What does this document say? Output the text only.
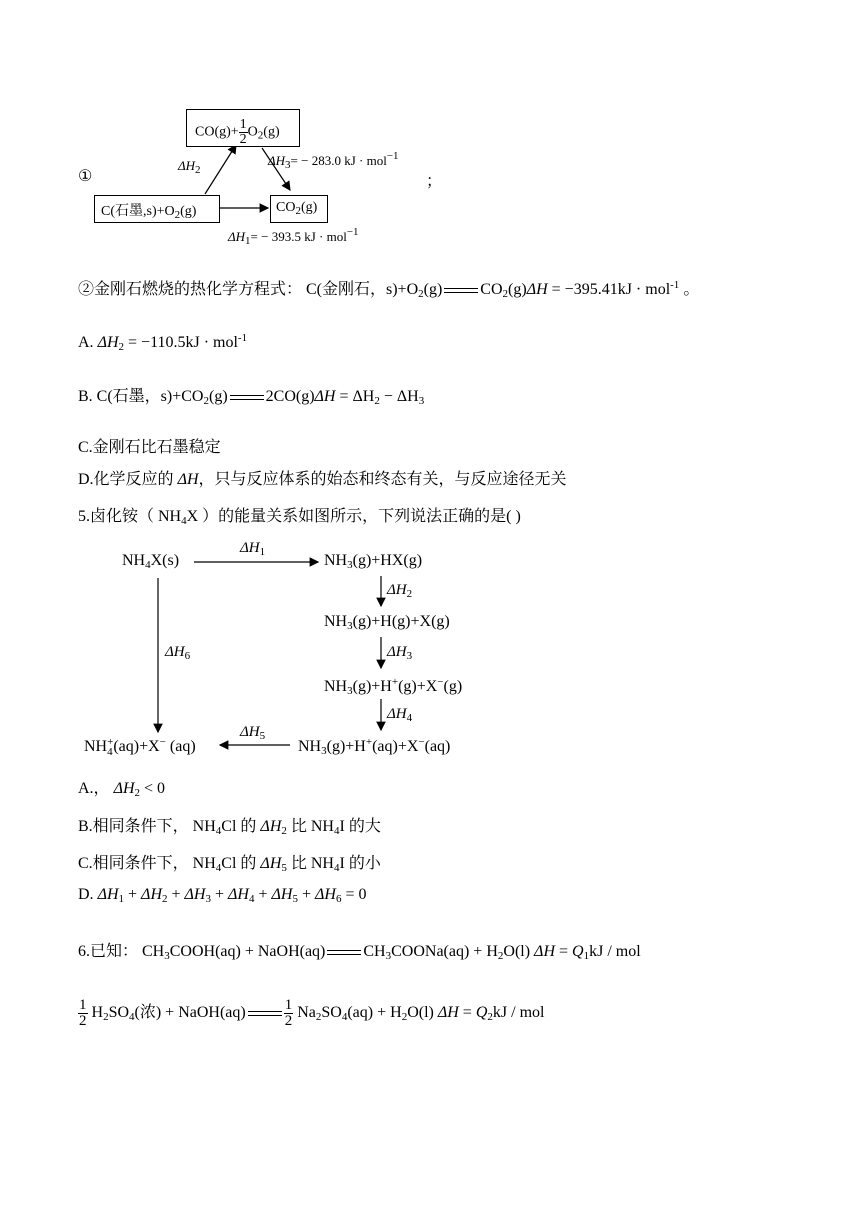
①	；
$CO(g)+ \frac{1}{2} O_2(g)$
C(石墨$,s)+O_2(g)$	$CO_2(g)$
$\Delta H_2$
$\Delta H_3= - 283.0$ kJ · mol$^{-1}$
$\Delta H_1= - 393.5$ kJ · mol$^{-1}$
②金刚石燃烧的热化学方程式： C(金刚石，$s)+O_2(g)$ $CO_2(g)\Delta H = -395.41kJ \cdot mol^{-1}$ 。
A. $\Delta H_2 = -110.5kJ \cdot mol^{-1}$
B. C(石墨，$s)+CO_2(g)$ $2CO(g)\Delta H = \Delta H_2 - \Delta H_3$
C.金刚石比石墨稳定
D.化学反应的 ΔH，只与反应体系的始态和终态有关，与反应途径无关
5.卤化铵（ $NH_4X$ ）的能量关系如图所示，下列说法正确的是( )
$NH_4X(s)$	$NH_3(g)+HX(g)$
$NH_3(g)+H(g)+X(g)$
$NH_3(g)+H^+(g)+X^-(g)$
$NH_3(g)+H^+(aq)+X^-(aq)$
NH +
4 (aq)+X− (aq)
$\Delta H_1$
$\Delta H_2$
$\Delta H_3$
$\Delta H_4$
$\Delta H_5$
$\Delta H_6$
A.， $\Delta H_2 < 0$
B.相同条件下， $NH_4Cl$ 的 $\Delta H_2$ 比 $NH_4I$ 的大
C.相同条件下， $NH_4Cl$ 的 $\Delta H_5$ 比 $NH_4I$ 的小
D. $\Delta H_1 + \Delta H_2 + \Delta H_3 + \Delta H_4 + \Delta H_5 + \Delta H_6 = 0$
6.已知： $CH_3COOH(aq)$ + NaOH(aq) $CH_3COONa(aq) + H_2O(l) \Delta H = Q_1kJ$ / mol
$\frac{1}{2} H_2SO_4$(浓) + NaOH(aq)	$\frac{1}{2} Na_2SO_4(aq) + H_2O(l) \Delta H = Q_2kJ$ / mol
